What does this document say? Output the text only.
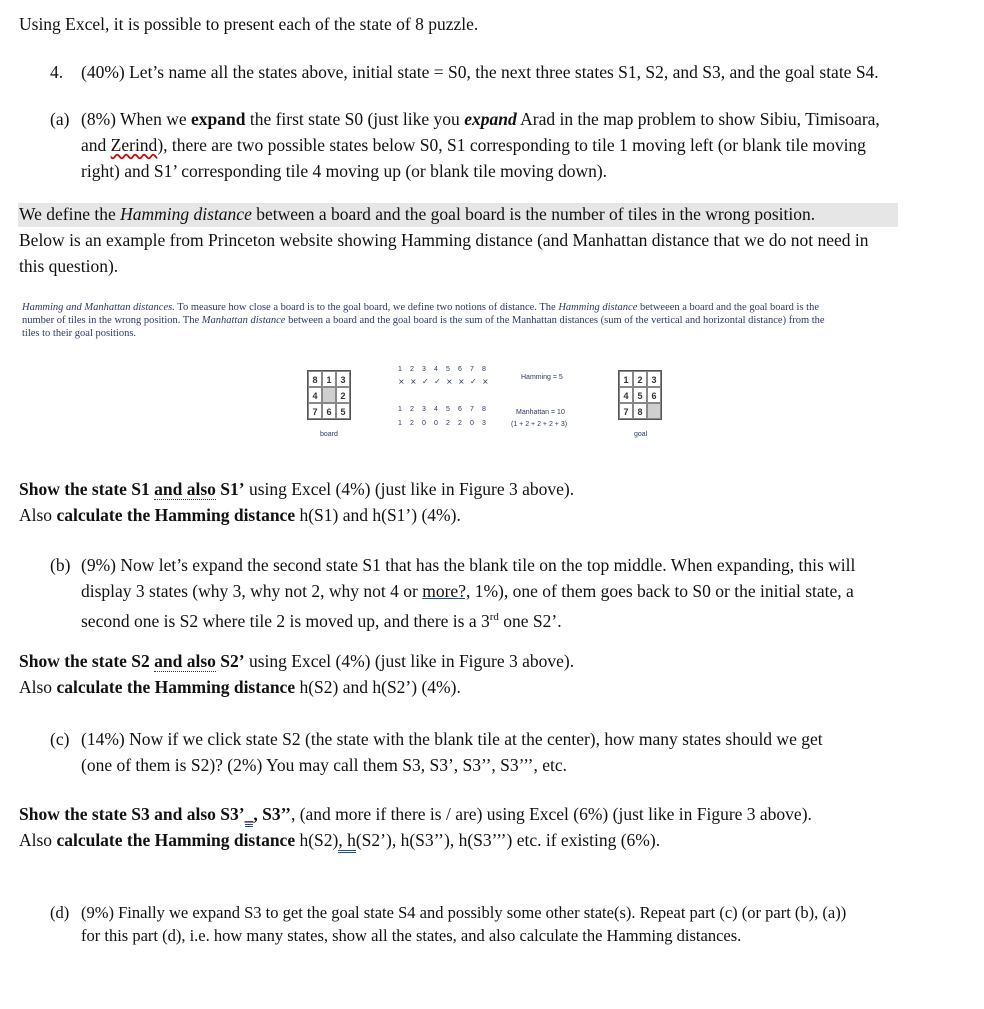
Using Excel, it is possible to present each of the state of 8 puzzle.
4. (40%) Let’s name all the states above, initial state = S0, the next three states S1, S2, and S3, and the goal state S4.
(a) (8%) When we expand the first state S0 (just like you expand Arad in the map problem to show Sibiu, Timisoara,
and Zerind), there are two possible states below S0, S1 corresponding to tile 1 moving left (or blank tile moving
right) and S1’ corresponding tile 4 moving up (or blank tile moving down).
We define the Hamming distance between a board and the goal board is the number of tiles in the wrong position.
Below is an example from Princeton website showing Hamming distance (and Manhattan distance that we do not need in
this question).
Hamming and Manhattan distances. To measure how close a board is to the goal board, we define two notions of distance. The Hamming distance betweeen a board and the goal board is the
number of tiles in the wrong position. The Manhattan distance between a board and the goal board is the sum of the Manhattan distances (sum of the vertical and horizontal distance) from the
tiles to their goal positions.
8 1 3
4	2
7 6 5
board
1 2 3 4 5 6 7 8
× × ✓ ✓ × × ✓ ×	Hamming = 5
1 2 3 4 5 6 7 8
1 2 0 0 2 2 0 3
Manhattan = 10
(1 + 2 + 2 + 2 + 3)
1 2 3
4 5 6
7 8
goal
Show the state S1 and also S1’ using Excel (4%) (just like in Figure 3 above).
Also calculate the Hamming distance h(S1) and h(S1’) (4%).
(b) (9%) Now let’s expand the second state S1 that has the blank tile on the top middle. When expanding, this will
display 3 states (why 3, why not 2, why not 4 or more?, 1%), one of them goes back to S0 or the initial state, a
second one is S2 where tile 2 is moved up, and there is a 3rd one S2’.
Show the state S2 and also S2’ using Excel (4%) (just like in Figure 3 above).
Also calculate the Hamming distance h(S2) and h(S2’) (4%).
(c) (14%) Now if we click state S2 (the state with the blank tile at the center), how many states should we get
(one of them is S2)? (2%) You may call them S3, S3’, S3’’, S3’’’, etc.
Show the state S3 and also S3’_, S3’’, (and more if there is / are) using Excel (6%) (just like in Figure 3 above).
Also calculate the Hamming distance h(S2), h(S2’), h(S3’’), h(S3’’’) etc. if existing (6%).
(d) (9%) Finally we expand S3 to get the goal state S4 and possibly some other state(s). Repeat part (c) (or part (b), (a))
for this part (d), i.e. how many states, show all the states, and also calculate the Hamming distances.
